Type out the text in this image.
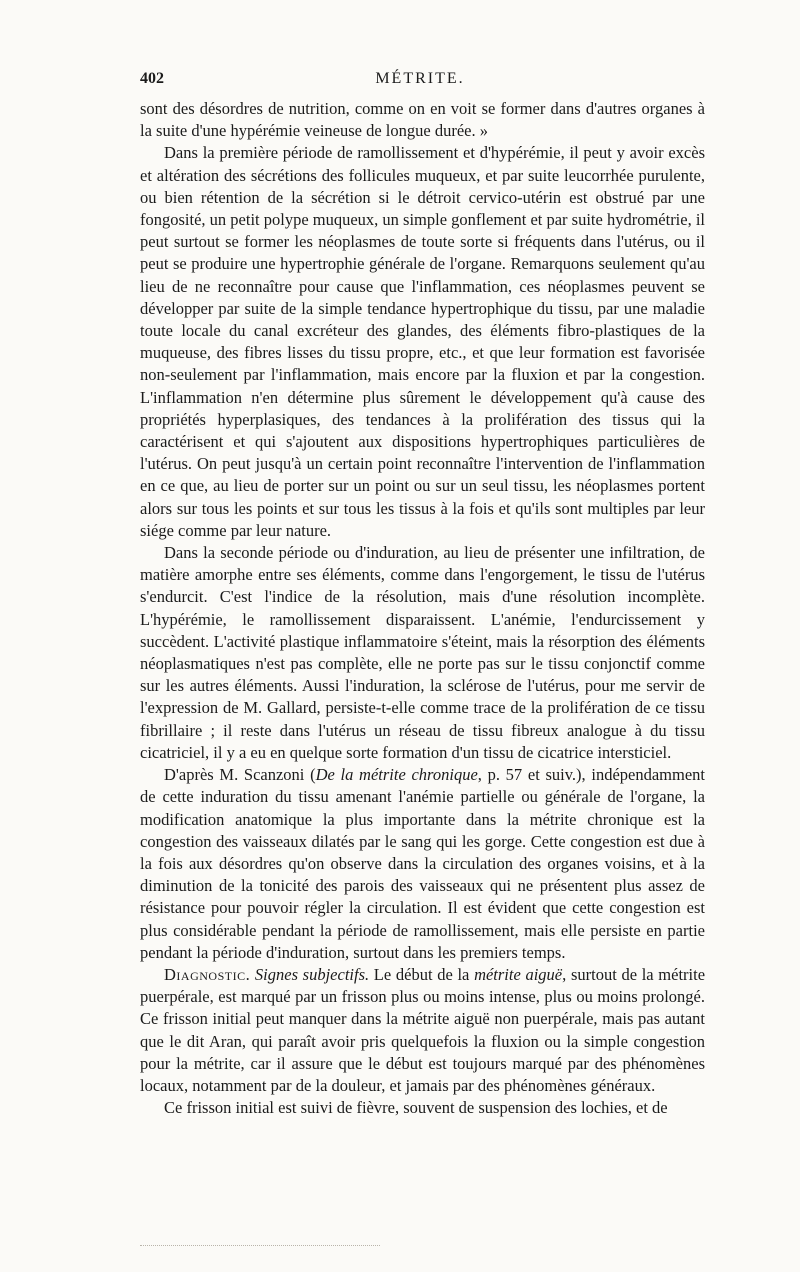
402	MÉTRITE.

sont des désordres de nutrition, comme on en voit se former dans d'autres organes à la suite d'une hypérémie veineuse de longue durée. »

Dans la première période de ramollissement et d'hypérémie, il peut y avoir excès et altération des sécrétions des follicules muqueux, et par suite leucorrhée purulente, ou bien rétention de la sécrétion si le détroit cervico-utérin est obstrué par une fongosité, un petit polype muqueux, un simple gonflement et par suite hydrométrie, il peut surtout se former les néoplasmes de toute sorte si fréquents dans l'utérus, ou il peut se produire une hypertrophie générale de l'organe. Remarquons seulement qu'au lieu de ne reconnaître pour cause que l'inflammation, ces néoplasmes peuvent se développer par suite de la simple tendance hypertrophique du tissu, par une maladie toute locale du canal excréteur des glandes, des éléments fibro-plastiques de la muqueuse, des fibres lisses du tissu propre, etc., et que leur formation est favorisée non-seulement par l'inflammation, mais encore par la fluxion et par la congestion. L'inflammation n'en détermine plus sûrement le développement qu'à cause des propriétés hyperplasiques, des tendances à la prolifération des tissus qui la caractérisent et qui s'ajoutent aux dispositions hypertrophiques particulières de l'utérus. On peut jusqu'à un certain point reconnaître l'intervention de l'inflammation en ce que, au lieu de porter sur un point ou sur un seul tissu, les néoplasmes portent alors sur tous les points et sur tous les tissus à la fois et qu'ils sont multiples par leur siége comme par leur nature.

Dans la seconde période ou d'induration, au lieu de présenter une infiltration, de matière amorphe entre ses éléments, comme dans l'engorgement, le tissu de l'utérus s'endurcit. C'est l'indice de la résolution, mais d'une résolution incomplète. L'hypérémie, le ramollissement disparaissent. L'anémie, l'endurcissement y succèdent. L'activité plastique inflammatoire s'éteint, mais la résorption des éléments néoplasmatiques n'est pas complète, elle ne porte pas sur le tissu conjonctif comme sur les autres éléments. Aussi l'induration, la sclérose de l'utérus, pour me servir de l'expression de M. Gallard, persiste-t-elle comme trace de la prolifération de ce tissu fibrillaire ; il reste dans l'utérus un réseau de tissu fibreux analogue à du tissu cicatriciel, il y a eu en quelque sorte formation d'un tissu de cicatrice intersticiel.

D'après M. Scanzoni (De la métrite chronique, p. 57 et suiv.), indépendamment de cette induration du tissu amenant l'anémie partielle ou générale de l'organe, la modification anatomique la plus importante dans la métrite chronique est la congestion des vaisseaux dilatés par le sang qui les gorge. Cette congestion est due à la fois aux désordres qu'on observe dans la circulation des organes voisins, et à la diminution de la tonicité des parois des vaisseaux qui ne présentent plus assez de résistance pour pouvoir régler la circulation. Il est évident que cette congestion est plus considérable pendant la période de ramollissement, mais elle persiste en partie pendant la période d'induration, surtout dans les premiers temps.

Diagnostic. Signes subjectifs. Le début de la métrite aiguë, surtout de la métrite puerpérale, est marqué par un frisson plus ou moins intense, plus ou moins prolongé. Ce frisson initial peut manquer dans la métrite aiguë non puerpérale, mais pas autant que le dit Aran, qui paraît avoir pris quelquefois la fluxion ou la simple congestion pour la métrite, car il assure que le début est toujours marqué par des phénomènes locaux, notamment par de la douleur, et jamais par des phénomènes généraux.

Ce frisson initial est suivi de fièvre, souvent de suspension des lochies, et de
